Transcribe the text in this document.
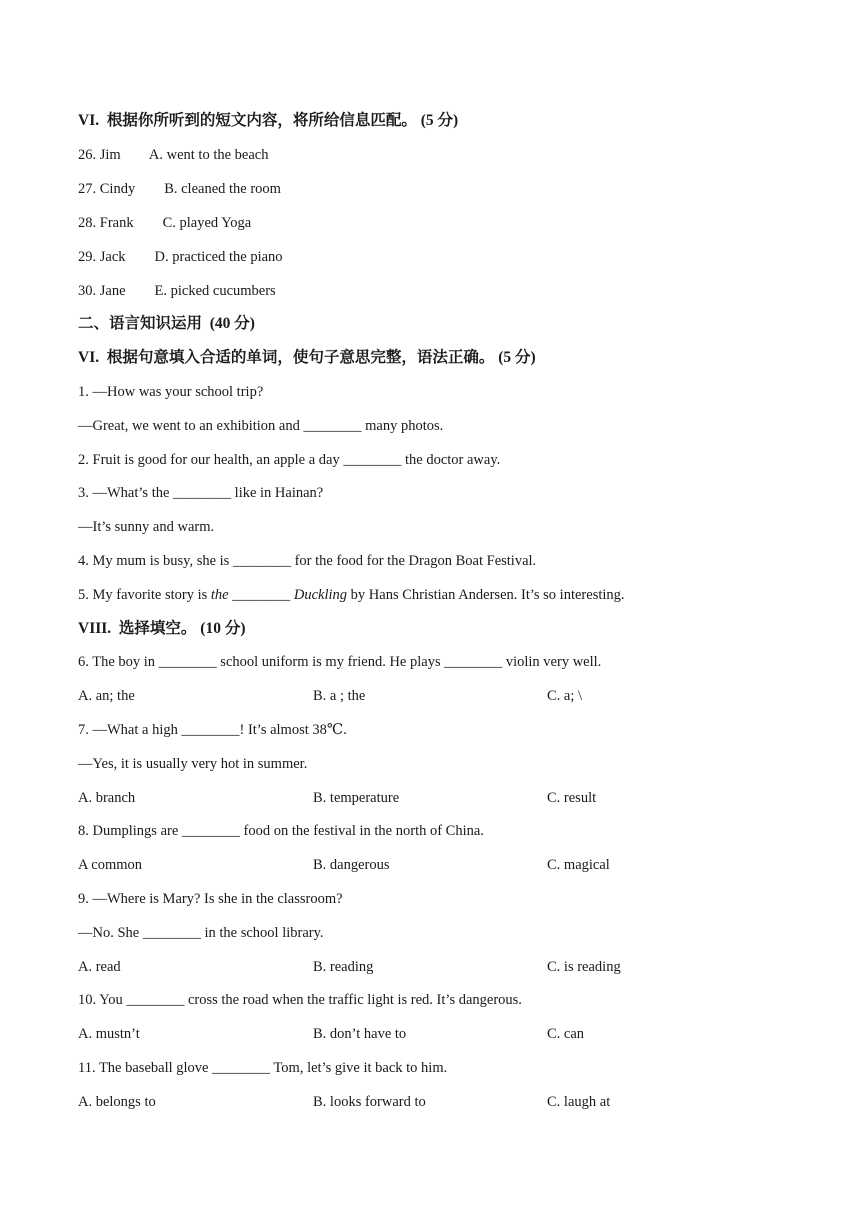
VI.  根据你所听到的短文内容，将所给信息匹配。 (5 分)
26. Jim        A. went to the beach
27. Cindy        B. cleaned the room
28. Frank        C. played Yoga
29. Jack        D. practiced the piano
30. Jane        E. picked cucumbers
二、语言知识运用  (40 分)
VI.  根据句意填入合适的单词，使句子意思完整，语法正确。 (5 分)
1. —How was your school trip?
—Great, we went to an exhibition and ________ many photos.
2. Fruit is good for our health, an apple a day ________ the doctor away.
3. —What’s the ________ like in Hainan?
—It’s sunny and warm.
4. My mum is busy, she is ________ for the food for the Dragon Boat Festival.
5. My favorite story is the ________ Duckling by Hans Christian Andersen. It’s so interesting.
VIII.  选择填空。 (10 分)
6. The boy in ________ school uniform is my friend. He plays ________ violin very well.
A. an; the	B. a ; the	C. a; \
7. —What a high ________! It’s almost 38℃.
—Yes, it is usually very hot in summer.
A. branch	B. temperature	C. result
8. Dumplings are ________ food on the festival in the north of China.
A common	B. dangerous	C. magical
9. —Where is Mary? Is she in the classroom?
—No. She ________ in the school library.
A. read	B. reading	C. is reading
10. You ________ cross the road when the traffic light is red. It’s dangerous.
A. mustn’t	B. don’t have to	C. can
11. The baseball glove ________ Tom, let’s give it back to him.
A. belongs to	B. looks forward to	C. laugh at
